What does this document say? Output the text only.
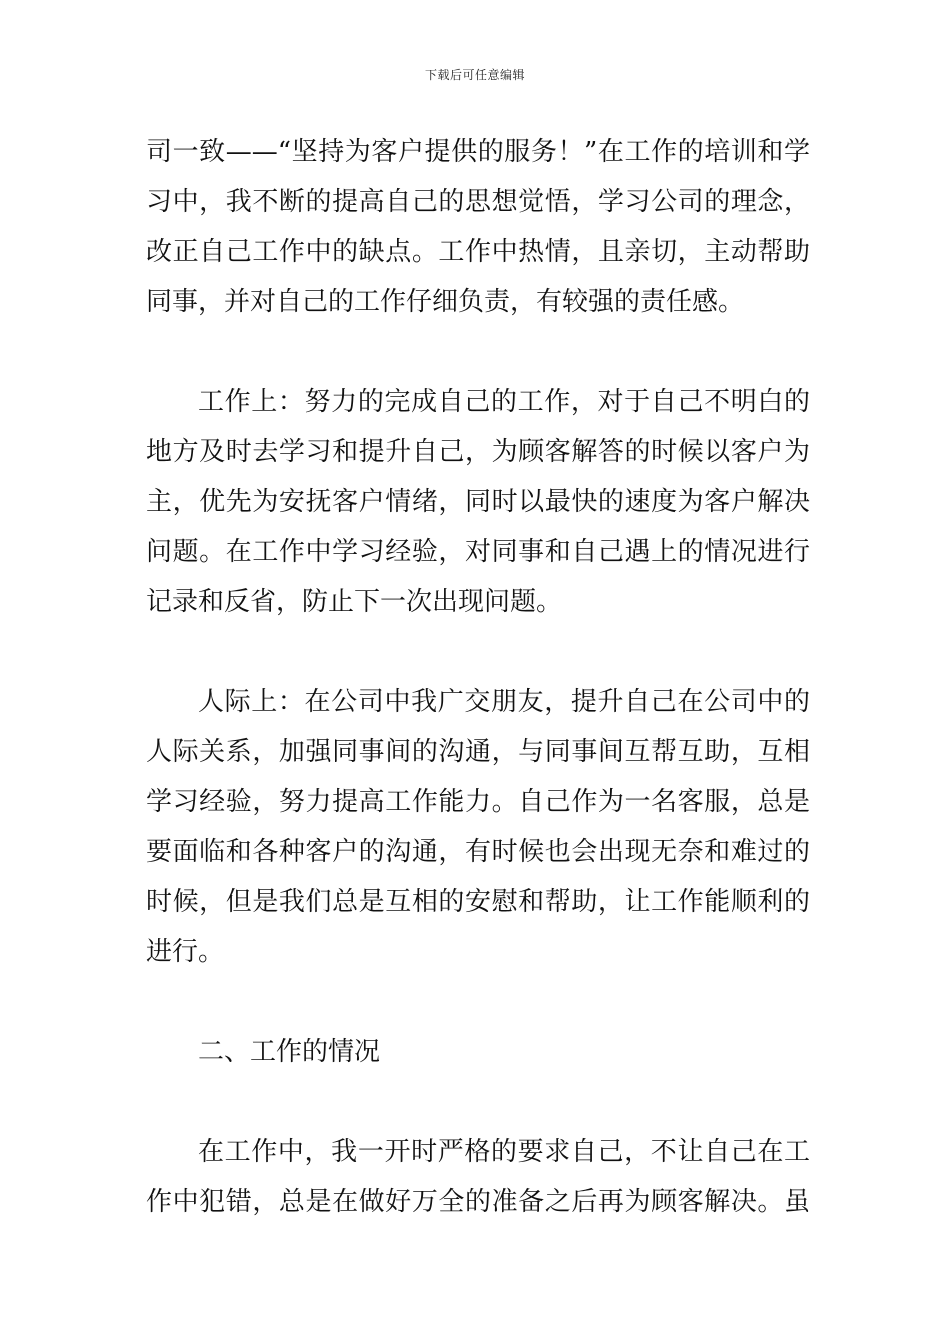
下载后可任意编辑
司一致——“坚持为客户提供的服务！”在工作的培训和学
习中，我不断的提高自己的思想觉悟，学习公司的理念，
改正自己工作中的缺点。工作中热情，且亲切，主动帮助
同事，并对自己的工作仔细负责，有较强的责任感。
工作上：努力的完成自己的工作，对于自己不明白的
地方及时去学习和提升自己，为顾客解答的时候以客户为
主，优先为安抚客户情绪，同时以最快的速度为客户解决
问题。在工作中学习经验，对同事和自己遇上的情况进行
记录和反省，防止下一次出现问题。
人际上：在公司中我广交朋友，提升自己在公司中的
人际关系，加强同事间的沟通，与同事间互帮互助，互相
学习经验，努力提高工作能力。自己作为一名客服，总是
要面临和各种客户的沟通，有时候也会出现无奈和难过的
时候，但是我们总是互相的安慰和帮助，让工作能顺利的
进行。
二、工作的情况
在工作中，我一开时严格的要求自己，不让自己在工
作中犯错，总是在做好万全的准备之后再为顾客解决。虽
